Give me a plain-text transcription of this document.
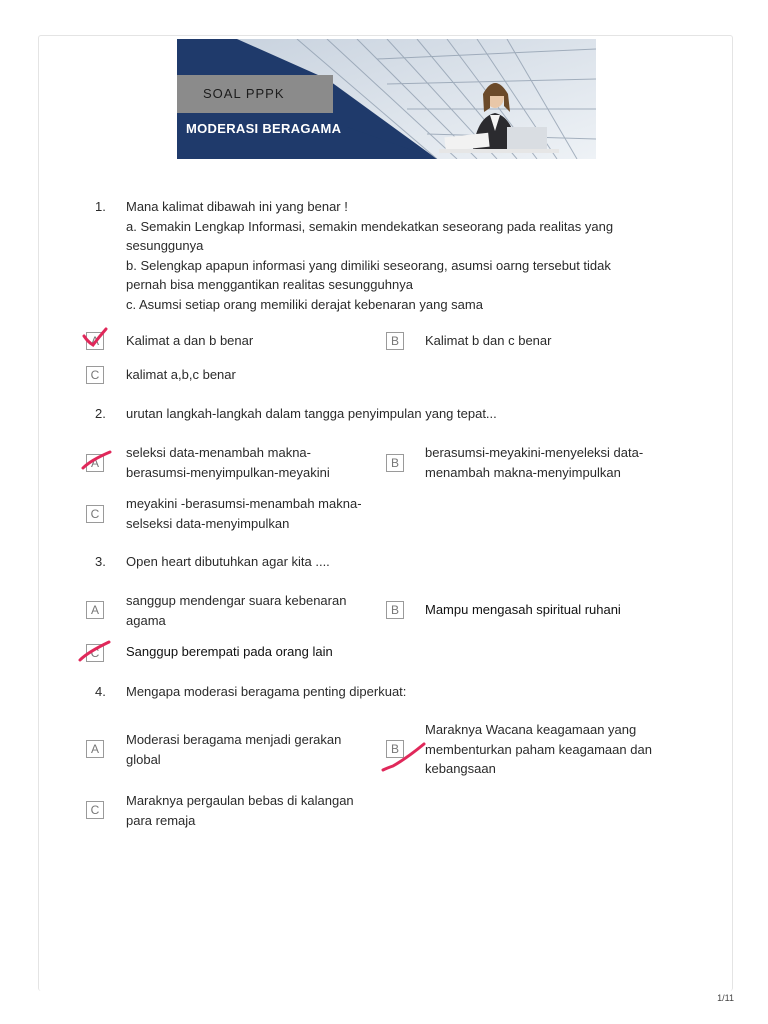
SOAL PPPK
MODERASI BERAGAMA
1. Mana kalimat dibawah ini yang benar !
a. Semakin Lengkap Informasi, semakin mendekatkan seseorang pada realitas yang
sesunggunya
b. Selengkap apapun informasi yang dimiliki seseorang, asumsi oarng tersebut tidak
pernah bisa menggantikan realitas sesungguhnya
c. Asumsi setiap orang memiliki derajat kebenaran yang sama
A	Kalimat a dan b benar	B	Kalimat b dan c benar
C	kalimat a,b,c benar
2. urutan langkah-langkah dalam tangga penyimpulan yang tepat...
A
seleksi data-menambah makna-
berasumsi-menyimpulkan-meyakini
B
berasumsi-meyakini-menyeleksi data-
menambah makna-menyimpulkan
C
meyakini -berasumsi-menambah makna-
selseksi data-menyimpulkan
3. Open heart dibutuhkan agar kita ....
A
sanggup mendengar suara kebenaran
agama
B	Mampu mengasah spiritual ruhani
C	Sanggup berempati pada orang lain
4. Mengapa moderasi beragama penting diperkuat:
A
Moderasi beragama menjadi gerakan
global
B
Maraknya Wacana keagamaan yang
membenturkan paham keagamaan dan
kebangsaan
C
Maraknya pergaulan bebas di kalangan
para remaja
1/11
